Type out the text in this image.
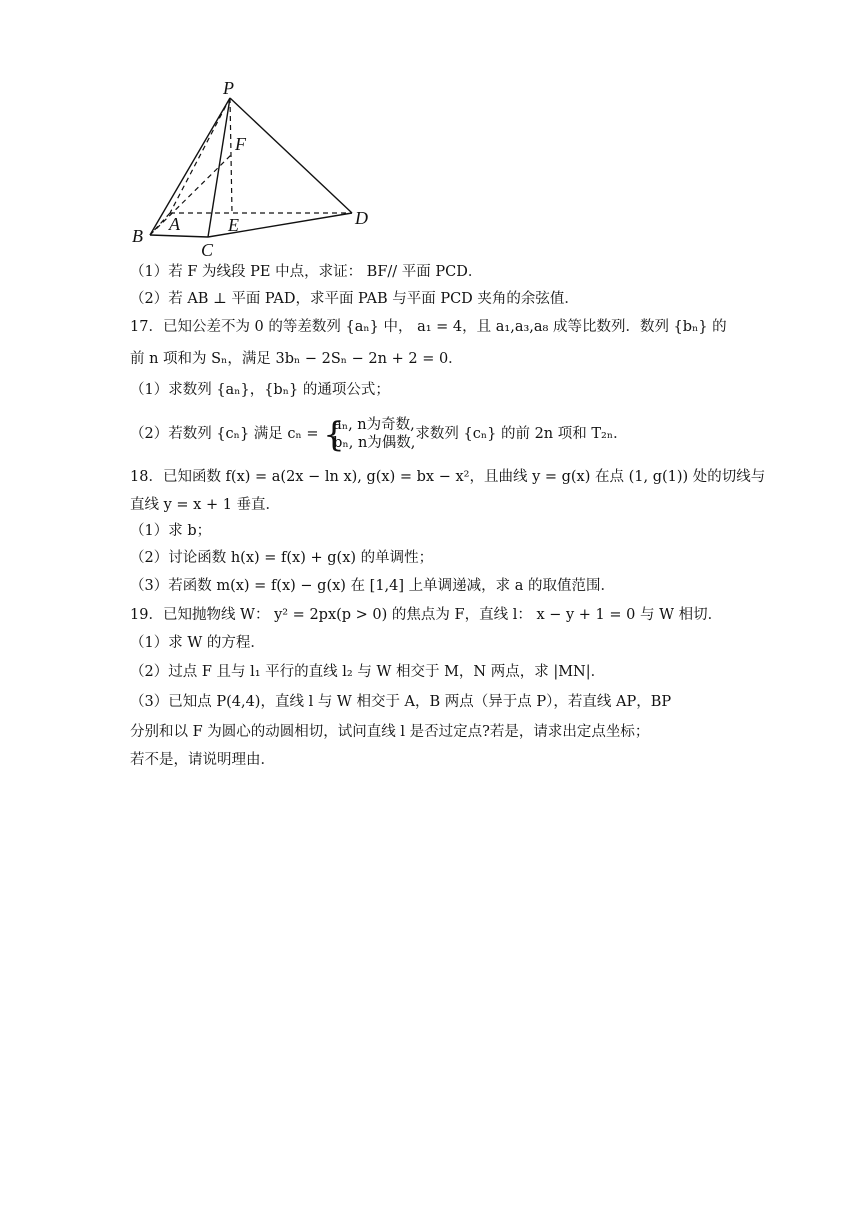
P
F
A	E
B
C
D
（1）若 F 为线段 PE 中点，求证： BF// 平面 PCD．
（2）若 AB ⊥ 平面 PAD，求平面 PAB 与平面 PCD 夹角的余弦值．
17．已知公差不为 0 的等差数列 {aₙ} 中， a₁ = 4，且 a₁,a₃,a₈ 成等比数列．数列 {bₙ} 的
前 n 项和为 Sₙ，满足 3bₙ − 2Sₙ − 2n + 2 = 0．
（1）求数列 {aₙ}，{bₙ} 的通项公式；
（2）若数列 {cₙ} 满足 cₙ = { aₙ, n为奇数,
bₙ, n为偶数,求数列 {cₙ} 的前 2n 项和 T₂ₙ．
18．已知函数 f(x) = a(2x − ln x), g(x) = bx − x²，且曲线 y = g(x) 在点 (1, g(1)) 处的切线与
直线 y = x + 1 垂直．
（1）求 b；
（2）讨论函数 h(x) = f(x) + g(x) 的单调性；
（3）若函数 m(x) = f(x) − g(x) 在 [1,4] 上单调递减，求 a 的取值范围．
19．已知抛物线 W： y² = 2px(p > 0) 的焦点为 F，直线 l： x − y + 1 = 0 与 W 相切．
（1）求 W 的方程．
（2）过点 F 且与 l₁ 平行的直线 l₂ 与 W 相交于 M，N 两点，求 |MN|．
（3）已知点 P(4,4)，直线 l 与 W 相交于 A，B 两点（异于点 P），若直线 AP，BP
分别和以 F 为圆心的动圆相切，试问直线 l 是否过定点?若是，请求出定点坐标；
若不是，请说明理由．
